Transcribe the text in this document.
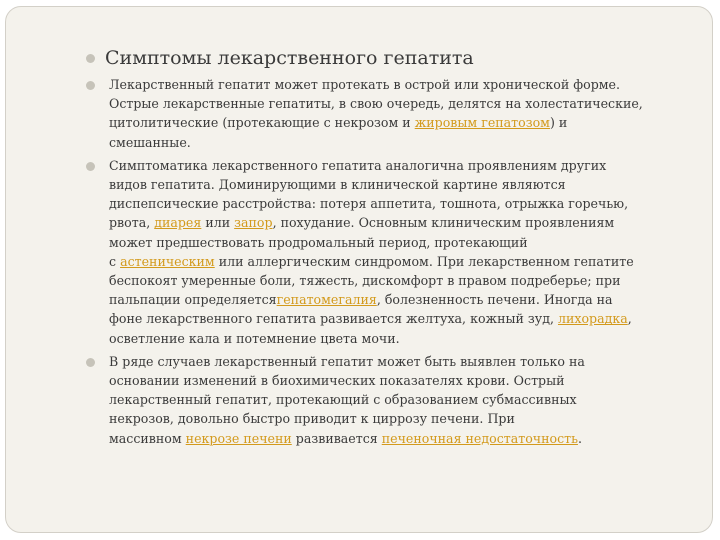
Симптомы лекарственного гепатита
Лекарственный гепатит может протекать в острой или хронической форме.
Острые лекарственные гепатиты, в свою очередь, делятся на холестатические,
цитолитические (протекающие с некрозом и жировым гепатозом) и
смешанные.
Симптоматика лекарственного гепатита аналогична проявлениям других
видов гепатита. Доминирующими в клинической картине являются
диспепсические расстройства: потеря аппетита, тошнота, отрыжка горечью,
рвота, диарея или запор, похудание. Основным клиническим проявлениям
может предшествовать продромальный период, протекающий
с астеническим или аллергическим синдромом. При лекарственном гепатите
беспокоят умеренные боли, тяжесть, дискомфорт в правом подреберье; при
пальпации определяетсягепатомегалия, болезненность печени. Иногда на
фоне лекарственного гепатита развивается желтуха, кожный зуд, лихорадка,
осветление кала и потемнение цвета мочи.
В ряде случаев лекарственный гепатит может быть выявлен только на
основании изменений в биохимических показателях крови. Острый
лекарственный гепатит, протекающий с образованием субмассивных
некрозов, довольно быстро приводит к циррозу печени. При
массивном некрозе печени развивается печеночная недостаточность.
